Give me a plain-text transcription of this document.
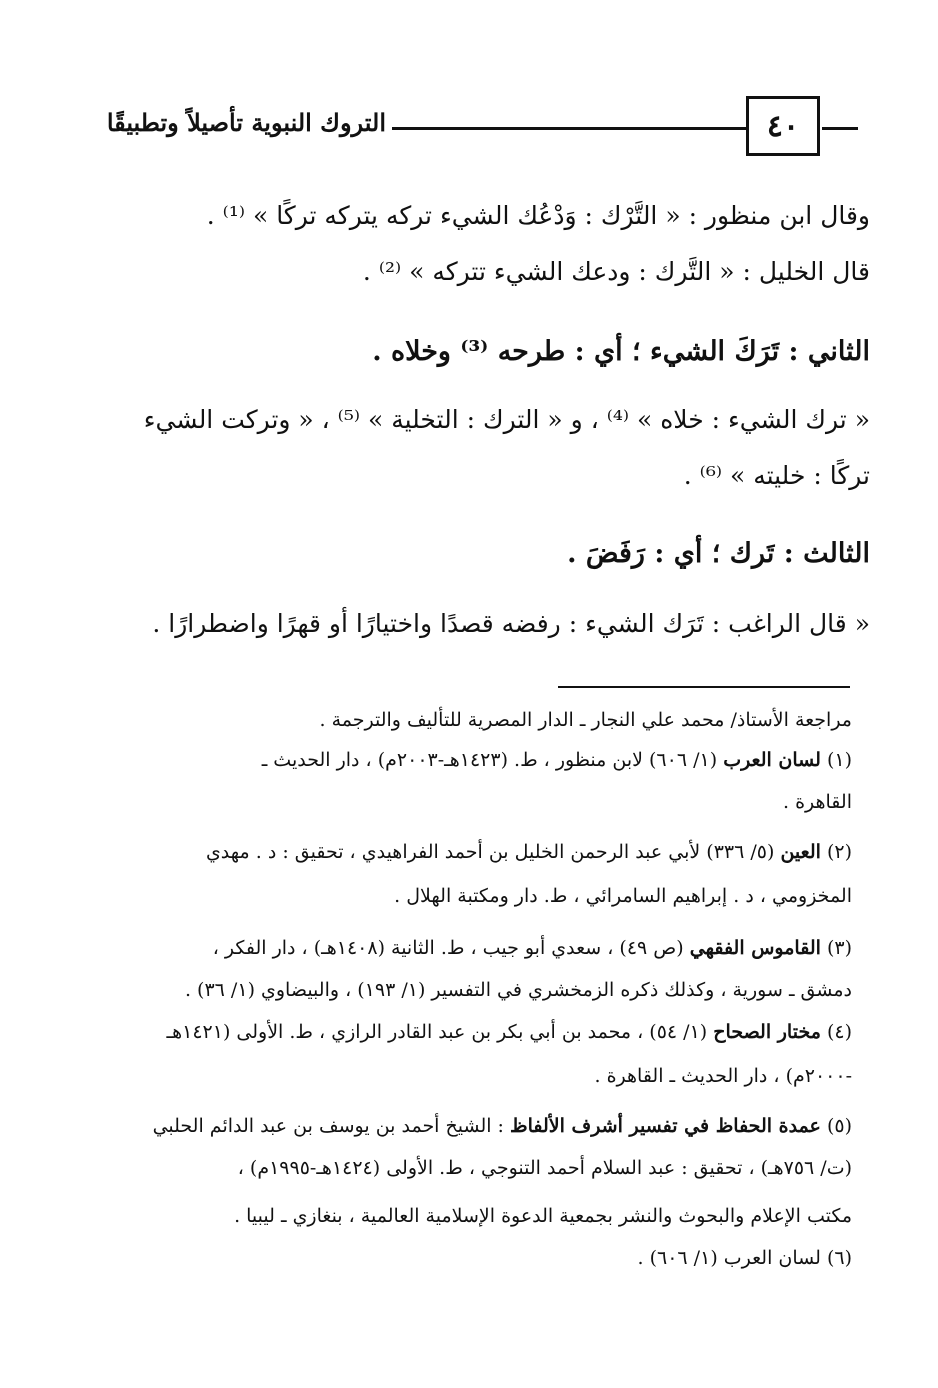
٤٠
التروك النبوية تأصيلاً وتطبيقًا
وقال ابن منظور : « التَّرْك : وَدْعُك الشيء تركه يتركه تركًا » ⁽¹⁾ .
قال الخليل : « التَّرك : ودعك الشيء تتركه » ⁽²⁾ .
الثاني : تَرَكَ الشيء ؛ أي : طرحه ⁽³⁾ وخلاه .
« ترك الشيء : خلاه » ⁽⁴⁾ ، و « الترك : التخلية » ⁽⁵⁾ ، « وتركت الشيء
تركًا : خليته » ⁽⁶⁾ .
الثالث : تَرك ؛ أي : رَفَضَ .
« قال الراغب : تَرَك الشيء : رفضه قصدًا واختيارًا أو قهرًا واضطرارًا .
مراجعة الأستاذ/ محمد علي النجار ـ الدار المصرية للتأليف والترجمة .
(١) لسان العرب (١/ ٦٠٦) لابن منظور ، ط. (١٤٢٣هـ-٢٠٠٣م) ، دار الحديث ـ
القاهرة .
(٢) العين (٥/ ٣٣٦) لأبي عبد الرحمن الخليل بن أحمد الفراهيدي ، تحقيق : د . مهدي
المخزومي ، د . إبراهيم السامرائي ، ط. دار ومكتبة الهلال .
(٣) القاموس الفقهي (ص ٤٩) ، سعدي أبو جيب ، ط. الثانية (١٤٠٨هـ) ، دار الفكر ،
دمشق ـ سورية ، وكذلك ذكره الزمخشري في التفسير (١/ ١٩٣) ، والبيضاوي (١/ ٣٦) .
(٤) مختار الصحاح (١/ ٥٤) ، محمد بن أبي بكر بن عبد القادر الرازي ، ط. الأولى (١٤٢١هـ
-٢٠٠٠م) ، دار الحديث ـ القاهرة .
(٥) عمدة الحفاظ في تفسير أشرف الألفاظ : الشيخ أحمد بن يوسف بن عبد الدائم الحلبي
(ت/ ٧٥٦هـ) ، تحقيق : عبد السلام أحمد التنوجي ، ط. الأولى (١٤٢٤هـ-١٩٩٥م) ،
مكتب الإعلام والبحوث والنشر بجمعية الدعوة الإسلامية العالمية ، بنغازي ـ ليبيا .
(٦) لسان العرب (١/ ٦٠٦) .
